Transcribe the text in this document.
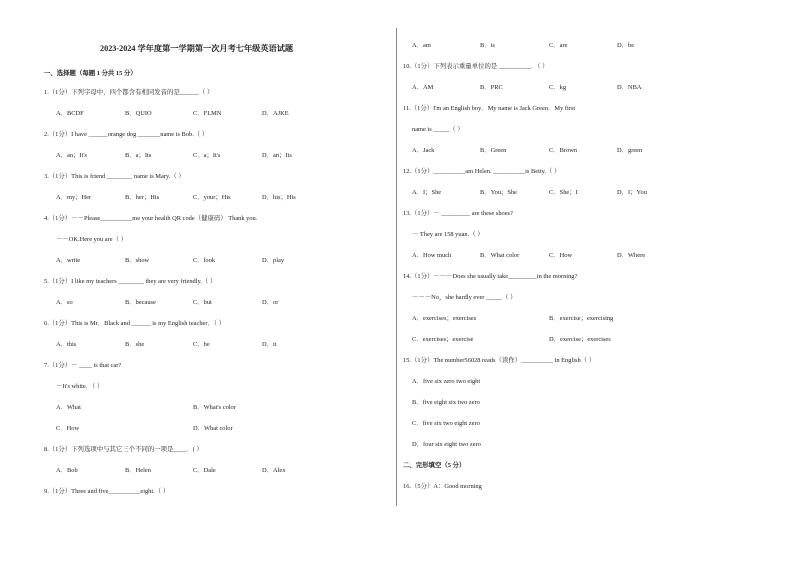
2023-2024 学年度第一学期第一次月考七年级英语试题
一、选择题（每题 1 分共 15 分）
1.（1分）下列字母中，四个都含有相同发音的是______（ ）
A．BCDF	B．QUIO	C．FLMN	D．AJKE
2.（1分）I have ______orange dog _______name is Bob.（ ）
A．an；It's	B．a；Its	C．a；It's	D．an；Its
3.（1分）This is friend ________ name is Mary.（ ）
A．my；Her	B．her；His	C．your；His	D．his；His
4.（1分）－－Please__________me your health QR code（健康码） Thank you.
－－OK.Here you are（ ）
A．write	B．show	C．look	D．play
5.（1分）I like my teachers ________ they are very friendly.（ ）
A．so	B．because	C．but	D．or
6.（1分）This is Mr．Black and ______ is my English teacher．（ ）
A．this	B．she	C．he	D．it
7.（1分）－ ____ is that car?
－It's white．（ ）
A．What	B．What's color
C．How	D．What color
8.（1分）下列选项中与其它三个不同的一项是____．( ）
A．Bob	B．Helen	C．Dale	D．Alex
9.（1分）Three and five__________eight.（ ）
A．am	B．is	C．are	D．be
10.（1分）下列表示重量单位的是 __________．（ ）
A．AM	B．PRC	C．kg	D．NBA
11.（1分）I'm an English boy．My name is Jack Green．My first
name is _____（ ）
A．Jack	B．Green	C．Brown	D．green
12.（1分）__________am Helen. __________is Betty.（ ）
A．I；She	B．You；She	C．She；I	D．I；You
13.（1分）－ _________ are these shoes?
－ They are 158 yuan.（ ）
A．How much	B．What color	C．How	D．Where
14.（1分）－－－Does she usually take_________in the morning?
－－－No，she hardly ever _____（ ）
A．exercises；exercises	B．exercise；exercising
C．exercises；exercise	D．exercise；exercises
15.（1分）The number56028 reads（读作）__________ in English（ ）
A．five six zero two eight
B．five eight six two zero
C．five six two eight zero
D．four six eight two zero
二、完形填空（5 分）
16.（5分）A：Good morning
